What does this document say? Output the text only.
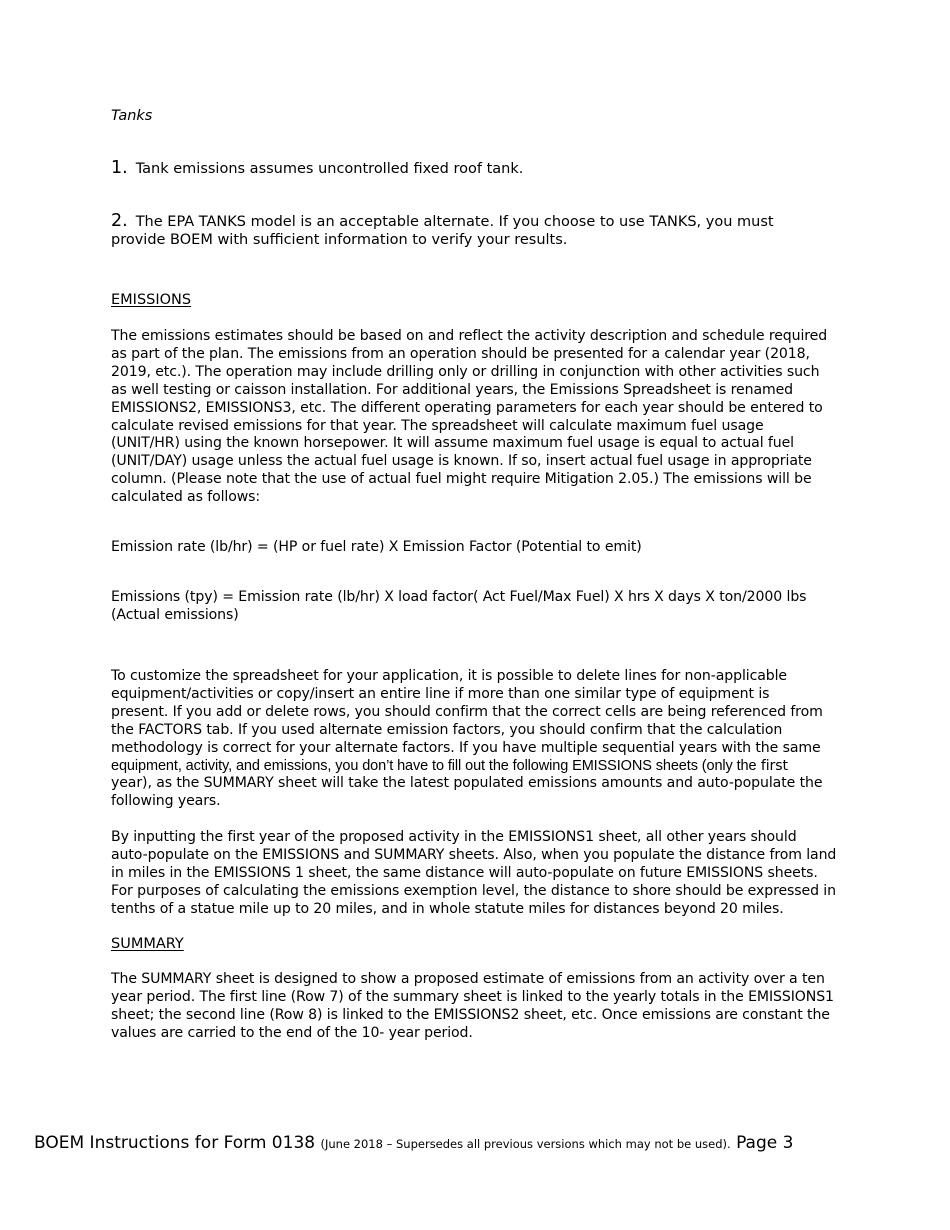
Tanks

1. Tank emissions assumes uncontrolled fixed roof tank.

2. The EPA TANKS model is an acceptable alternate. If you choose to use TANKS, you must provide BOEM with sufficient information to verify your results.

EMISSIONS

The emissions estimates should be based on and reflect the activity description and schedule required as part of the plan. The emissions from an operation should be presented for a calendar year (2018, 2019, etc.). The operation may include drilling only or drilling in conjunction with other activities such as well testing or caisson installation. For additional years, the Emissions Spreadsheet is renamed EMISSIONS2, EMISSIONS3, etc. The different operating parameters for each year should be entered to calculate revised emissions for that year. The spreadsheet will calculate maximum fuel usage (UNIT/HR) using the known horsepower. It will assume maximum fuel usage is equal to actual fuel (UNIT/DAY) usage unless the actual fuel usage is known. If so, insert actual fuel usage in appropriate column. (Please note that the use of actual fuel might require Mitigation 2.05.) The emissions will be calculated as follows:

Emission rate (lb/hr) = (HP or fuel rate) X Emission Factor (Potential to emit)

Emissions (tpy) = Emission rate (lb/hr) X load factor( Act Fuel/Max Fuel) X hrs X days X ton/2000 lbs (Actual emissions)

To customize the spreadsheet for your application, it is possible to delete lines for non-applicable equipment/activities or copy/insert an entire line if more than one similar type of equipment is present. If you add or delete rows, you should confirm that the correct cells are being referenced from the FACTORS tab. If you used alternate emission factors, you should confirm that the calculation methodology is correct for your alternate factors. If you have multiple sequential years with the same equipment, activity, and emissions, you don’t have to fill out the following EMISSIONS sheets (only the first year), as the SUMMARY sheet will take the latest populated emissions amounts and auto-populate the following years.

By inputting the first year of the proposed activity in the EMISSIONS1 sheet, all other years should auto-populate on the EMISSIONS and SUMMARY sheets. Also, when you populate the distance from land in miles in the EMISSIONS 1 sheet, the same distance will auto-populate on future EMISSIONS sheets. For purposes of calculating the emissions exemption level, the distance to shore should be expressed in tenths of a statue mile up to 20 miles, and in whole statute miles for distances beyond 20 miles.

SUMMARY

The SUMMARY sheet is designed to show a proposed estimate of emissions from an activity over a ten year period. The first line (Row 7) of the summary sheet is linked to the yearly totals in the EMISSIONS1 sheet; the second line (Row 8) is linked to the EMISSIONS2 sheet, etc. Once emissions are constant the values are carried to the end of the 10- year period.

BOEM Instructions for Form 0138 (June 2018 – Supersedes all previous versions which may not be used). Page 3
